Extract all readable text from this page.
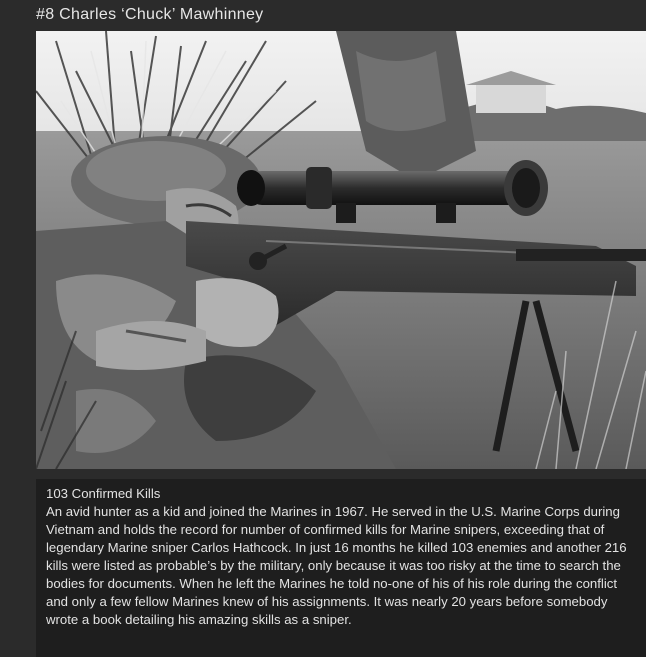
#8 Charles ‘Chuck’ Mawhinney
103 Confirmed Kills
An avid hunter as a kid and joined the Marines in 1967. He served in the U.S. Marine Corps during Vietnam and holds the record for number of confirmed kills for Marine snipers, exceeding that of legendary Marine sniper Carlos Hathcock. In just 16 months he killed 103 enemies and another 216 kills were listed as probable’s by the military, only because it was too risky at the time to search the bodies for documents. When he left the Marines he told no-one of his of his role during the conflict and only a few fellow Marines knew of his assignments. It was nearly 20 years before somebody wrote a book detailing his amazing skills as a sniper.
